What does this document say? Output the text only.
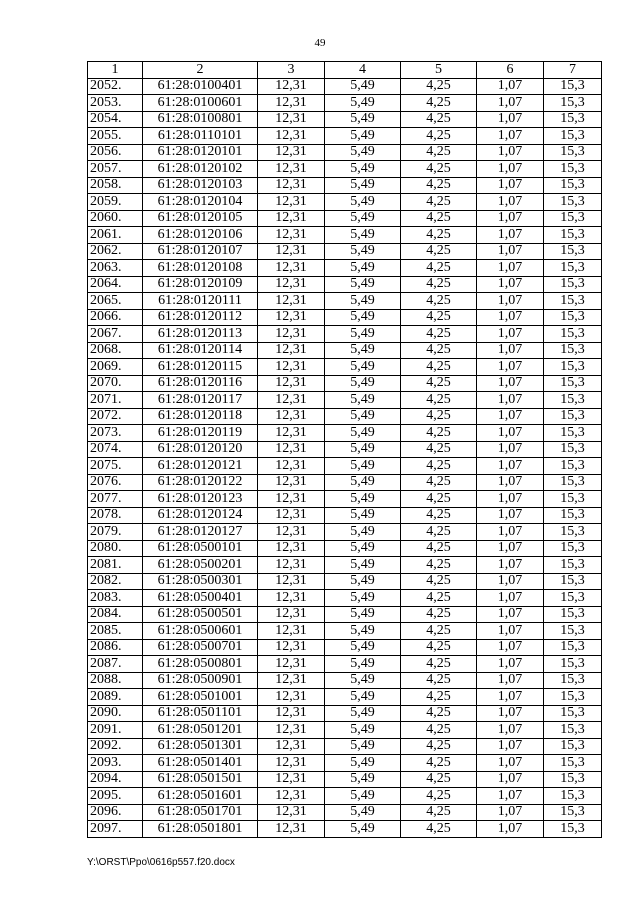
49
1	2	3	4	5	6	7
2052.	61:28:0100401	12,31	5,49	4,25	1,07	15,3
2053.	61:28:0100601	12,31	5,49	4,25	1,07	15,3
2054.	61:28:0100801	12,31	5,49	4,25	1,07	15,3
2055.	61:28:0110101	12,31	5,49	4,25	1,07	15,3
2056.	61:28:0120101	12,31	5,49	4,25	1,07	15,3
2057.	61:28:0120102	12,31	5,49	4,25	1,07	15,3
2058.	61:28:0120103	12,31	5,49	4,25	1,07	15,3
2059.	61:28:0120104	12,31	5,49	4,25	1,07	15,3
2060.	61:28:0120105	12,31	5,49	4,25	1,07	15,3
2061.	61:28:0120106	12,31	5,49	4,25	1,07	15,3
2062.	61:28:0120107	12,31	5,49	4,25	1,07	15,3
2063.	61:28:0120108	12,31	5,49	4,25	1,07	15,3
2064.	61:28:0120109	12,31	5,49	4,25	1,07	15,3
2065.	61:28:0120111	12,31	5,49	4,25	1,07	15,3
2066.	61:28:0120112	12,31	5,49	4,25	1,07	15,3
2067.	61:28:0120113	12,31	5,49	4,25	1,07	15,3
2068.	61:28:0120114	12,31	5,49	4,25	1,07	15,3
2069.	61:28:0120115	12,31	5,49	4,25	1,07	15,3
2070.	61:28:0120116	12,31	5,49	4,25	1,07	15,3
2071.	61:28:0120117	12,31	5,49	4,25	1,07	15,3
2072.	61:28:0120118	12,31	5,49	4,25	1,07	15,3
2073.	61:28:0120119	12,31	5,49	4,25	1,07	15,3
2074.	61:28:0120120	12,31	5,49	4,25	1,07	15,3
2075.	61:28:0120121	12,31	5,49	4,25	1,07	15,3
2076.	61:28:0120122	12,31	5,49	4,25	1,07	15,3
2077.	61:28:0120123	12,31	5,49	4,25	1,07	15,3
2078.	61:28:0120124	12,31	5,49	4,25	1,07	15,3
2079.	61:28:0120127	12,31	5,49	4,25	1,07	15,3
2080.	61:28:0500101	12,31	5,49	4,25	1,07	15,3
2081.	61:28:0500201	12,31	5,49	4,25	1,07	15,3
2082.	61:28:0500301	12,31	5,49	4,25	1,07	15,3
2083.	61:28:0500401	12,31	5,49	4,25	1,07	15,3
2084.	61:28:0500501	12,31	5,49	4,25	1,07	15,3
2085.	61:28:0500601	12,31	5,49	4,25	1,07	15,3
2086.	61:28:0500701	12,31	5,49	4,25	1,07	15,3
2087.	61:28:0500801	12,31	5,49	4,25	1,07	15,3
2088.	61:28:0500901	12,31	5,49	4,25	1,07	15,3
2089.	61:28:0501001	12,31	5,49	4,25	1,07	15,3
2090.	61:28:0501101	12,31	5,49	4,25	1,07	15,3
2091.	61:28:0501201	12,31	5,49	4,25	1,07	15,3
2092.	61:28:0501301	12,31	5,49	4,25	1,07	15,3
2093.	61:28:0501401	12,31	5,49	4,25	1,07	15,3
2094.	61:28:0501501	12,31	5,49	4,25	1,07	15,3
2095.	61:28:0501601	12,31	5,49	4,25	1,07	15,3
2096.	61:28:0501701	12,31	5,49	4,25	1,07	15,3
2097.	61:28:0501801	12,31	5,49	4,25	1,07	15,3
Y:\ORST\Ppo\0616p557.f20.docx
